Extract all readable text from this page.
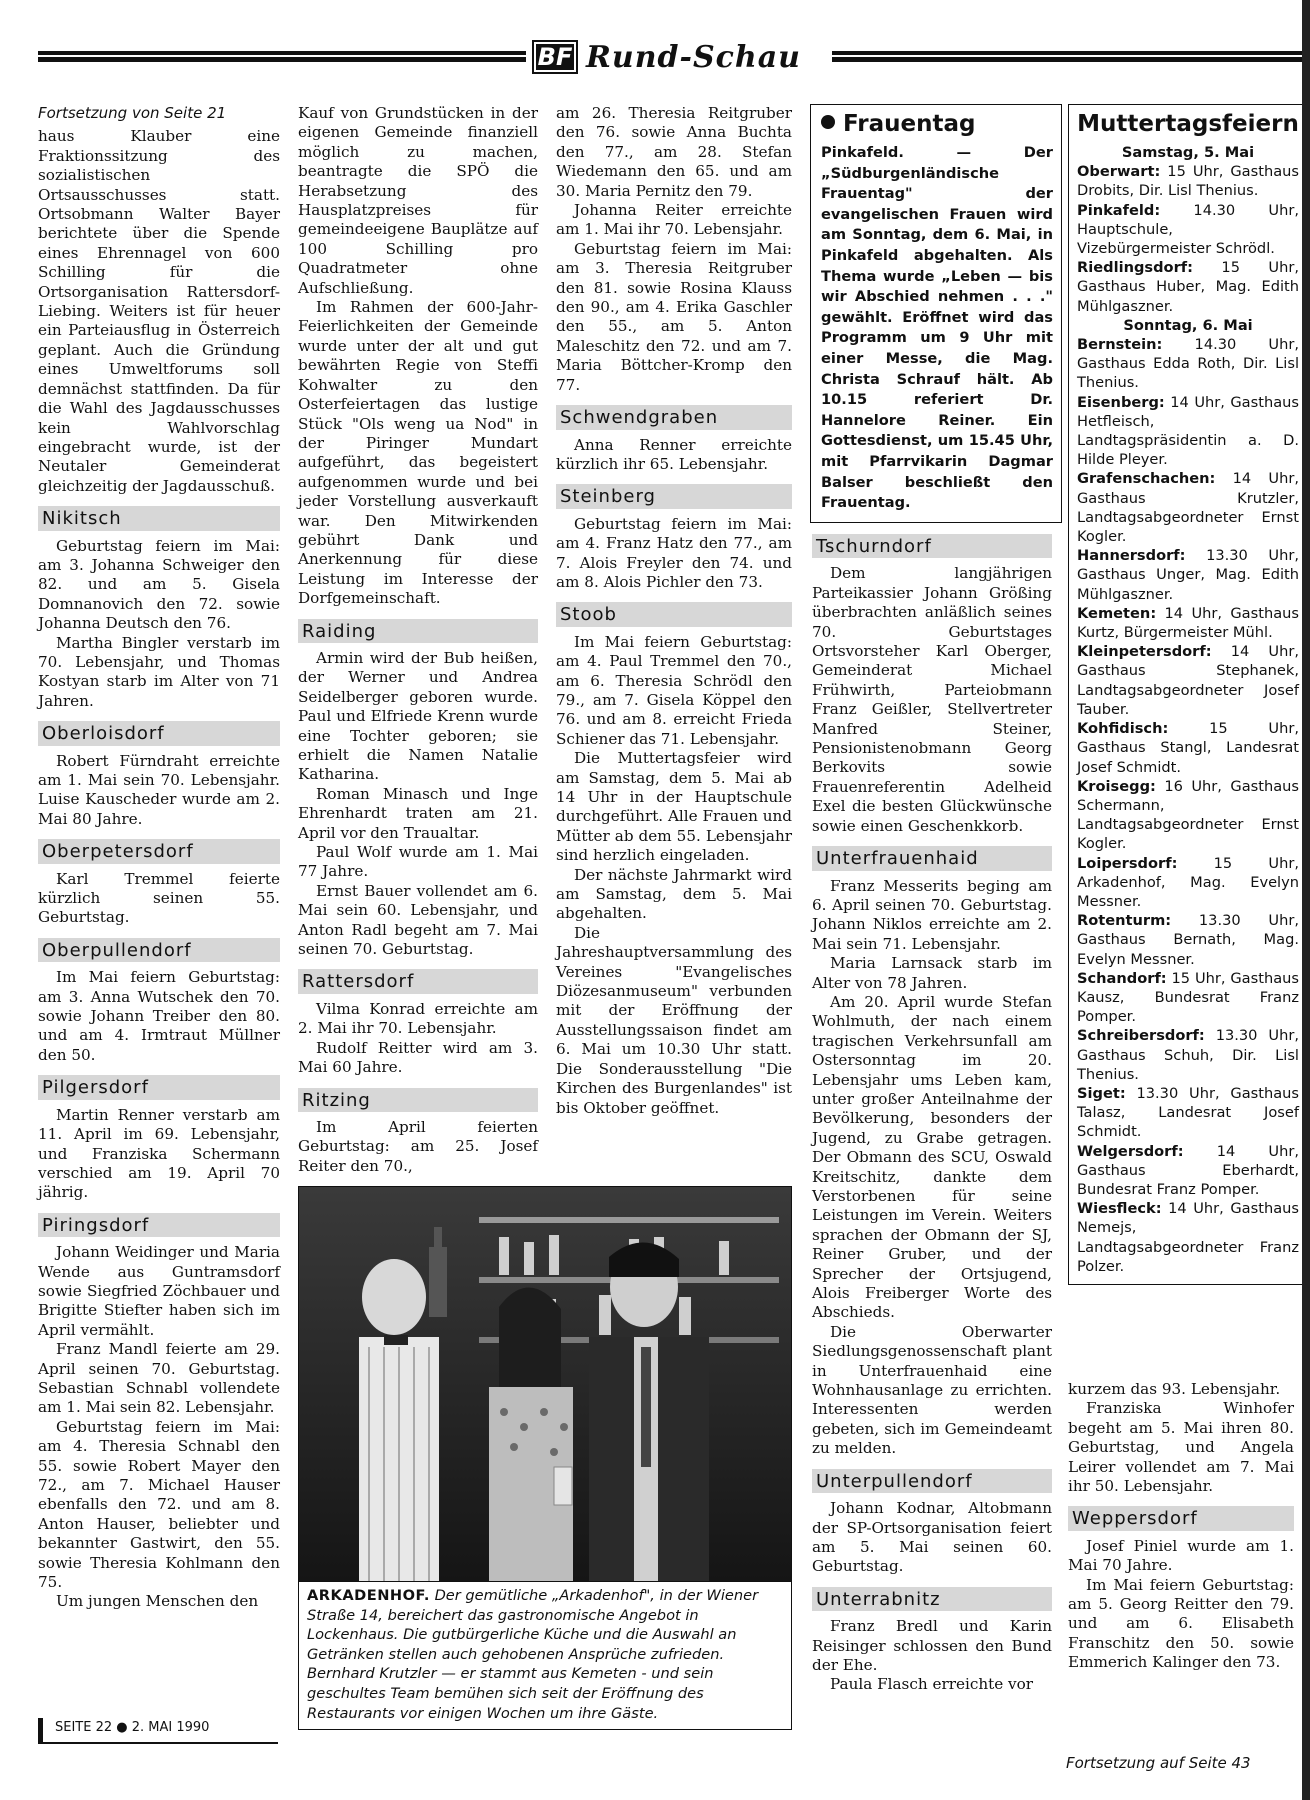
BF Rund-Schau

Fortsetzung von Seite 21

haus Klauber eine Fraktionssitzung des sozialistischen Ortsausschusses statt. Ortsobmann Walter Bayer berichtete über die Spende eines Ehrennagel von 600 Schilling für die Ortsorganisation Rattersdorf-Liebing. Weiters ist für heuer ein Parteiausflug in Österreich geplant. Auch die Gründung eines Umweltforums soll demnächst stattfinden. Da für die Wahl des Jagdausschusses kein Wahlvorschlag eingebracht wurde, ist der Neutaler Gemeinderat gleichzeitig der Jagdausschuß.

Nikitsch

Geburtstag feiern im Mai: am 3. Johanna Schweiger den 82. und am 5. Gisela Domnanovich den 72. sowie Johanna Deutsch den 76.

Martha Bingler verstarb im 70. Lebensjahr, und Thomas Kostyan starb im Alter von 71 Jahren.

Oberloisdorf

Robert Fürndraht erreichte am 1. Mai sein 70. Lebensjahr. Luise Kauscheder wurde am 2. Mai 80 Jahre.

Oberpetersdorf

Karl Tremmel feierte kürzlich seinen 55. Geburtstag.

Oberpullendorf

Im Mai feiern Geburtstag: am 3. Anna Wutschek den 70. sowie Johann Treiber den 80. und am 4. Irmtraut Müllner den 50.

Pilgersdorf

Martin Renner verstarb am 11. April im 69. Lebensjahr, und Franziska Schermann verschied am 19. April 70 jährig.

Piringsdorf

Johann Weidinger und Maria Wende aus Guntramsdorf sowie Siegfried Zöchbauer und Brigitte Stiefter haben sich im April vermählt.

Franz Mandl feierte am 29. April seinen 70. Geburtstag. Sebastian Schnabl vollendete am 1. Mai sein 82. Lebensjahr.

Geburtstag feiern im Mai: am 4. Theresia Schnabl den 55. sowie Robert Mayer den 72., am 7. Michael Hauser ebenfalls den 72. und am 8. Anton Hauser, beliebter und bekannter Gastwirt, den 55. sowie Theresia Kohlmann den 75.

Um jungen Menschen den

Kauf von Grundstücken in der eigenen Gemeinde finanziell möglich zu machen, beantragte die SPÖ die Herabsetzung des Hausplatzpreises für gemeindeeigene Bauplätze auf 100 Schilling pro Quadratmeter ohne Aufschließung.

Im Rahmen der 600-Jahr-Feierlichkeiten der Gemeinde wurde unter der alt und gut bewährten Regie von Steffi Kohwalter zu den Osterfeiertagen das lustige Stück "Ols weng ua Nod" in der Piringer Mundart aufgeführt, das begeistert aufgenommen wurde und bei jeder Vorstellung ausverkauft war. Den Mitwirkenden gebührt Dank und Anerkennung für diese Leistung im Interesse der Dorfgemeinschaft.

Raiding

Armin wird der Bub heißen, der Werner und Andrea Seidelberger geboren wurde. Paul und Elfriede Krenn wurde eine Tochter geboren; sie erhielt die Namen Natalie Katharina.

Roman Minasch und Inge Ehrenhardt traten am 21. April vor den Traualtar.

Paul Wolf wurde am 1. Mai 77 Jahre.

Ernst Bauer vollendet am 6. Mai sein 60. Lebensjahr, und Anton Radl begeht am 7. Mai seinen 70. Geburtstag.

Rattersdorf

Vilma Konrad erreichte am 2. Mai ihr 70. Lebensjahr.

Rudolf Reitter wird am 3. Mai 60 Jahre.

Ritzing

Im April feierten Geburtstag: am 25. Josef Reiter den 70.,

am 26. Theresia Reitgruber den 76. sowie Anna Buchta den 77., am 28. Stefan Wiedemann den 65. und am 30. Maria Pernitz den 79.

Johanna Reiter erreichte am 1. Mai ihr 70. Lebensjahr.

Geburtstag feiern im Mai: am 3. Theresia Reitgruber den 81. sowie Rosina Klauss den 90., am 4. Erika Gaschler den 55., am 5. Anton Maleschitz den 72. und am 7. Maria Böttcher-Kromp den 77.

Schwendgraben

Anna Renner erreichte kürzlich ihr 65. Lebensjahr.

Steinberg

Geburtstag feiern im Mai: am 4. Franz Hatz den 77., am 7. Alois Freyler den 74. und am 8. Alois Pichler den 73.

Stoob

Im Mai feiern Geburtstag: am 4. Paul Tremmel den 70., am 6. Theresia Schrödl den 79., am 7. Gisela Köppel den 76. und am 8. erreicht Frieda Schiener das 71. Lebensjahr.

Die Muttertagsfeier wird am Samstag, dem 5. Mai ab 14 Uhr in der Hauptschule durchgeführt. Alle Frauen und Mütter ab dem 55. Lebensjahr sind herzlich eingeladen.

Der nächste Jahrmarkt wird am Samstag, dem 5. Mai abgehalten.

Die Jahreshauptversammlung des Vereines "Evangelisches Diözesanmuseum" verbunden mit der Eröffnung der Ausstellungssaison findet am 6. Mai um 10.30 Uhr statt. Die Sonderausstellung "Die Kirchen des Burgenlandes" ist bis Oktober geöffnet.

Frauentag
Pinkafeld. — Der „Südburgenländische Frauentag" der evangelischen Frauen wird am Sonntag, dem 6. Mai, in Pinkafeld abgehalten. Als Thema wurde „Leben — bis wir Abschied nehmen . . ." gewählt. Eröffnet wird das Programm um 9 Uhr mit einer Messe, die Mag. Christa Schrauf hält. Ab 10.15 referiert Dr. Hannelore Reiner. Ein Gottesdienst, um 15.45 Uhr, mit Pfarrvikarin Dagmar Balser beschließt den Frauentag.
Tschurndorf

Dem langjährigen Parteikassier Johann Größing überbrachten anläßlich seines 70. Geburtstages Ortsvorsteher Karl Oberger, Gemeinderat Michael Frühwirth, Parteiobmann Franz Geißler, Stellvertreter Manfred Steiner, Pensionistenobmann Georg Berkovits sowie Frauenreferentin Adelheid Exel die besten Glückwünsche sowie einen Geschenkkorb.

Unterfrauenhaid

Franz Messerits beging am 6. April seinen 70. Geburtstag. Johann Niklos erreichte am 2. Mai sein 71. Lebensjahr.

Maria Larnsack starb im Alter von 78 Jahren.

Am 20. April wurde Stefan Wohlmuth, der nach einem tragischen Verkehrsunfall am Ostersonntag im 20. Lebensjahr ums Leben kam, unter großer Anteilnahme der Bevölkerung, besonders der Jugend, zu Grabe getragen. Der Obmann des SCU, Oswald Kreitschitz, dankte dem Verstorbenen für seine Leistungen im Verein. Weiters sprachen der Obmann der SJ, Reiner Gruber, und der Sprecher der Ortsjugend, Alois Freiberger Worte des Abschieds.

Die Oberwarter Siedlungsgenossenschaft plant in Unterfrauenhaid eine Wohnhausanlage zu errichten. Interessenten werden gebeten, sich im Gemeindeamt zu melden.

Unterpullendorf

Johann Kodnar, Altobmann der SP-Ortsorganisation feiert am 5. Mai seinen 60. Geburtstag.

Unterrabnitz

Franz Bredl und Karin Reisinger schlossen den Bund der Ehe.

Paula Flasch erreichte vor

Muttertagsfeiern
Samstag, 5. Mai
Oberwart: 15 Uhr, Gasthaus Drobits, Dir. Lisl Thenius.
Pinkafeld: 14.30 Uhr, Hauptschule, Vizebürgermeister Schrödl.
Riedlingsdorf: 15 Uhr, Gasthaus Huber, Mag. Edith Mühlgaszner.
Sonntag, 6. Mai
Bernstein: 14.30 Uhr, Gasthaus Edda Roth, Dir. Lisl Thenius.
Eisenberg: 14 Uhr, Gasthaus Hetfleisch, Landtagspräsidentin a. D. Hilde Pleyer.
Grafenschachen: 14 Uhr, Gasthaus Krutzler, Landtagsabgeordneter Ernst Kogler.
Hannersdorf: 13.30 Uhr, Gasthaus Unger, Mag. Edith Mühlgaszner.
Kemeten: 14 Uhr, Gasthaus Kurtz, Bürgermeister Mühl.
Kleinpetersdorf: 14 Uhr, Gasthaus Stephanek, Landtagsabgeordneter Josef Tauber.
Kohfidisch:	15 Uhr, Gasthaus Stangl, Landesrat Josef Schmidt.
Kroisegg: 16 Uhr, Gasthaus Schermann, Landtagsabgeordneter Ernst Kogler.
Loipersdorf: 15 Uhr, Arkadenhof, Mag. Evelyn Messner.
Rotenturm: 13.30 Uhr, Gasthaus Bernath, Mag. Evelyn Messner.
Schandorf: 15 Uhr, Gasthaus Kausz, Bundesrat Franz Pomper.
Schreibersdorf: 13.30 Uhr, Gasthaus Schuh, Dir. Lisl Thenius.
Siget: 13.30 Uhr, Gasthaus Talasz, Landesrat Josef Schmidt.
Welgersdorf: 14 Uhr, Gasthaus Eberhardt, Bundesrat Franz Pomper.
Wiesfleck: 14 Uhr, Gasthaus Nemejs, Landtagsabgeordneter Franz Polzer.

kurzem das 93. Lebensjahr.

Franziska Winhofer begeht am 5. Mai ihren 80. Geburtstag, und Angela Leirer vollendet am 7. Mai ihr 50. Lebensjahr.

Weppersdorf

Josef Piniel wurde am 1. Mai 70 Jahre.

Im Mai feiern Geburtstag: am 5. Georg Reitter den 79. und am 6. Elisabeth Franschitz den 50. sowie Emmerich Kalinger den 73.

ARKADENHOF. Der gemütliche „Arkadenhof", in der Wiener Straße 14, bereichert das gastronomische Angebot in Lockenhaus. Die gutbürgerliche Küche und die Auswahl an Getränken stellen auch gehobenen Ansprüche zufrieden. Bernhard Krutzler — er stammt aus Kemeten - und sein geschultes Team bemühen sich seit der Eröffnung des Restaurants vor einigen Wochen um ihre Gäste.
SEITE 22 ● 2. MAI 1990
Fortsetzung auf Seite 43
